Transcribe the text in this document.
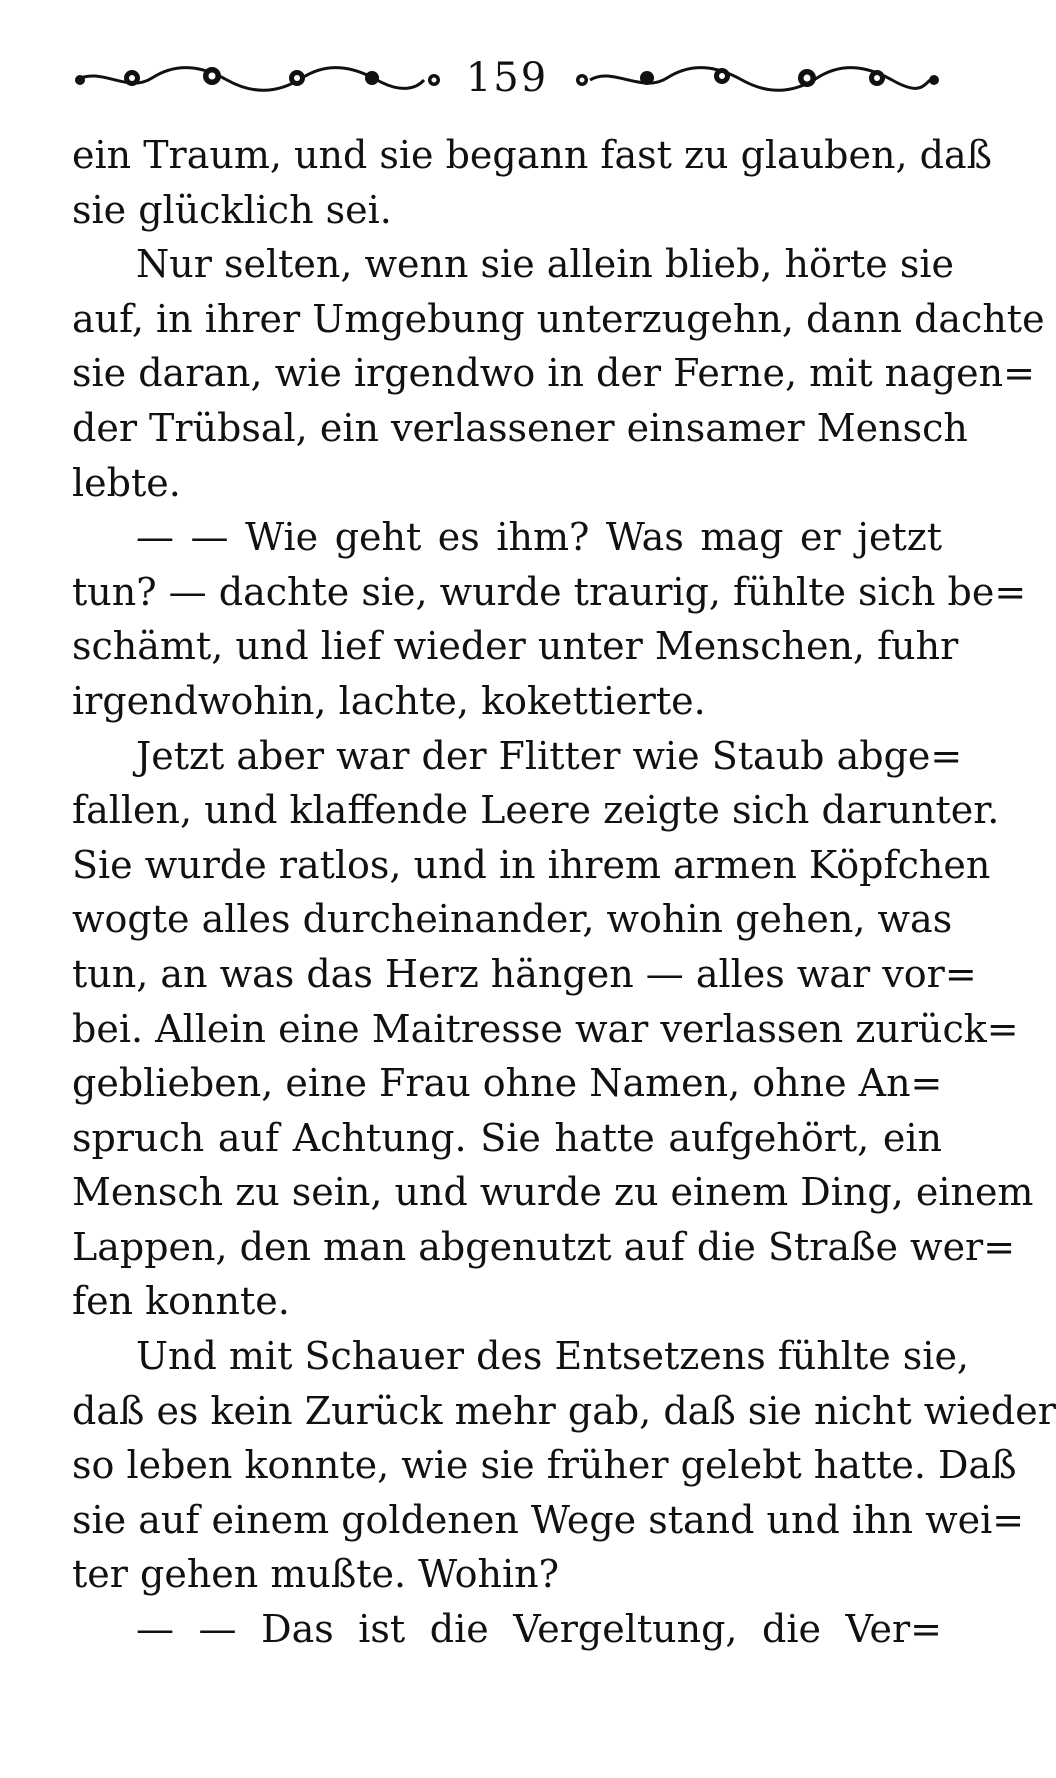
159
ein Traum, und sie begann fast zu glauben, daß
sie glücklich sei.
Nur selten, wenn sie allein blieb, hörte sie
auf, in ihrer Umgebung unterzugehn, dann dachte
sie daran, wie irgendwo in der Ferne, mit nagen=
der Trübsal, ein verlassener einsamer Mensch
lebte.
— — Wie geht es ihm? Was mag er jetzt
tun? — dachte sie, wurde traurig, fühlte sich be=
schämt, und lief wieder unter Menschen, fuhr
irgendwohin, lachte, kokettierte.
Jetzt aber war der Flitter wie Staub abge=
fallen, und klaffende Leere zeigte sich darunter.
Sie wurde ratlos, und in ihrem armen Köpfchen
wogte alles durcheinander, wohin gehen, was
tun, an was das Herz hängen — alles war vor=
bei. Allein eine Maitresse war verlassen zurück=
geblieben, eine Frau ohne Namen, ohne An=
spruch auf Achtung. Sie hatte aufgehört, ein
Mensch zu sein, und wurde zu einem Ding, einem
Lappen, den man abgenutzt auf die Straße wer=
fen konnte.
Und mit Schauer des Entsetzens fühlte sie,
daß es kein Zurück mehr gab, daß sie nicht wieder
so leben konnte, wie sie früher gelebt hatte. Daß
sie auf einem goldenen Wege stand und ihn wei=
ter gehen mußte. Wohin?
— — Das ist die Vergeltung, die Ver=
